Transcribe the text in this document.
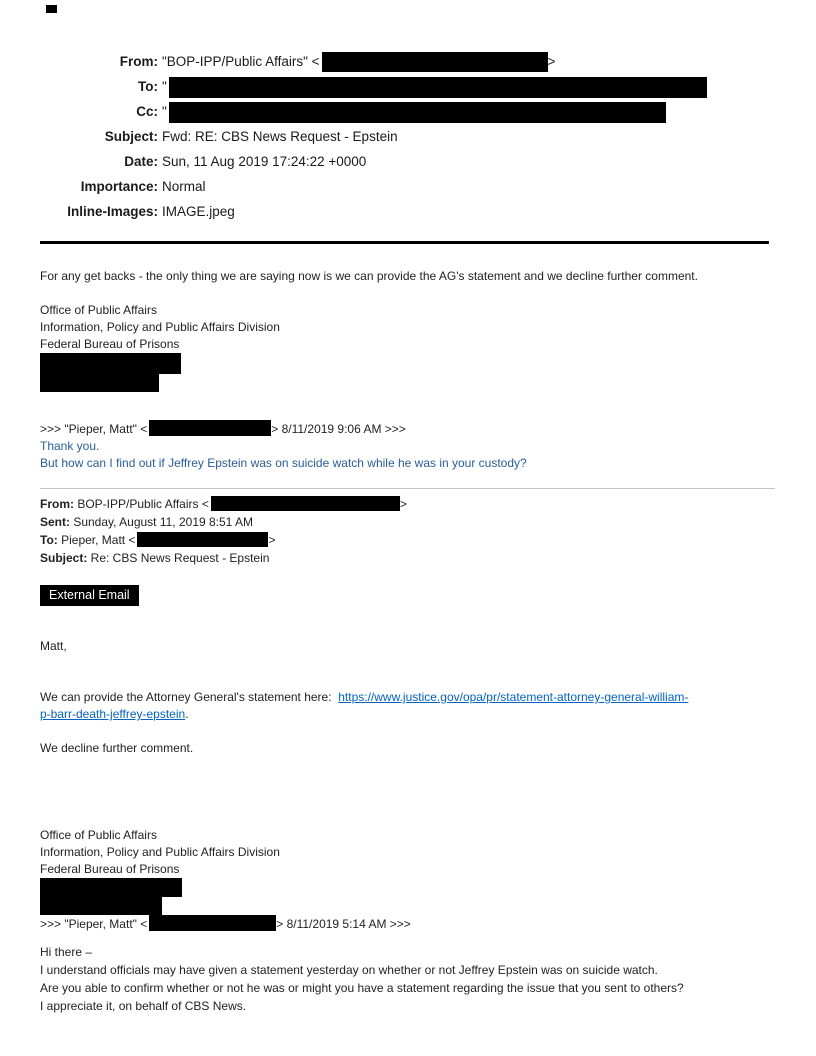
From: "BOP-IPP/Public Affairs" <	>
To: "
Cc: "
Subject: Fwd: RE: CBS News Request - Epstein
Date: Sun, 11 Aug 2019 17:24:22 +0000
Importance: Normal
Inline-Images: IMAGE.jpeg
For any get backs - the only thing we are saying now is we can provide the AG's statement and we decline further comment.
Office of Public Affairs
Information, Policy and Public Affairs Division
Federal Bureau of Prisons
>>> "Pieper, Matt" <	> 8/11/2019 9:06 AM >>>
Thank you.
But how can I find out if Jeffrey Epstein was on suicide watch while he was in your custody?
From: BOP-IPP/Public Affairs <	>
Sent: Sunday, August 11, 2019 8:51 AM
To: Pieper, Matt <	>
Subject: Re: CBS News Request - Epstein
External Email
Matt,
We can provide the Attorney General's statement here:  https://www.justice.gov/opa/pr/statement-attorney-general-william-
p-barr-death-jeffrey-epstein.
We decline further comment.
Office of Public Affairs
Information, Policy and Public Affairs Division
Federal Bureau of Prisons
>>> "Pieper, Matt" <	> 8/11/2019 5:14 AM >>>
Hi there –
I understand officials may have given a statement yesterday on whether or not Jeffrey Epstein was on suicide watch.
Are you able to confirm whether or not he was or might you have a statement regarding the issue that you sent to others?
I appreciate it, on behalf of CBS News.
